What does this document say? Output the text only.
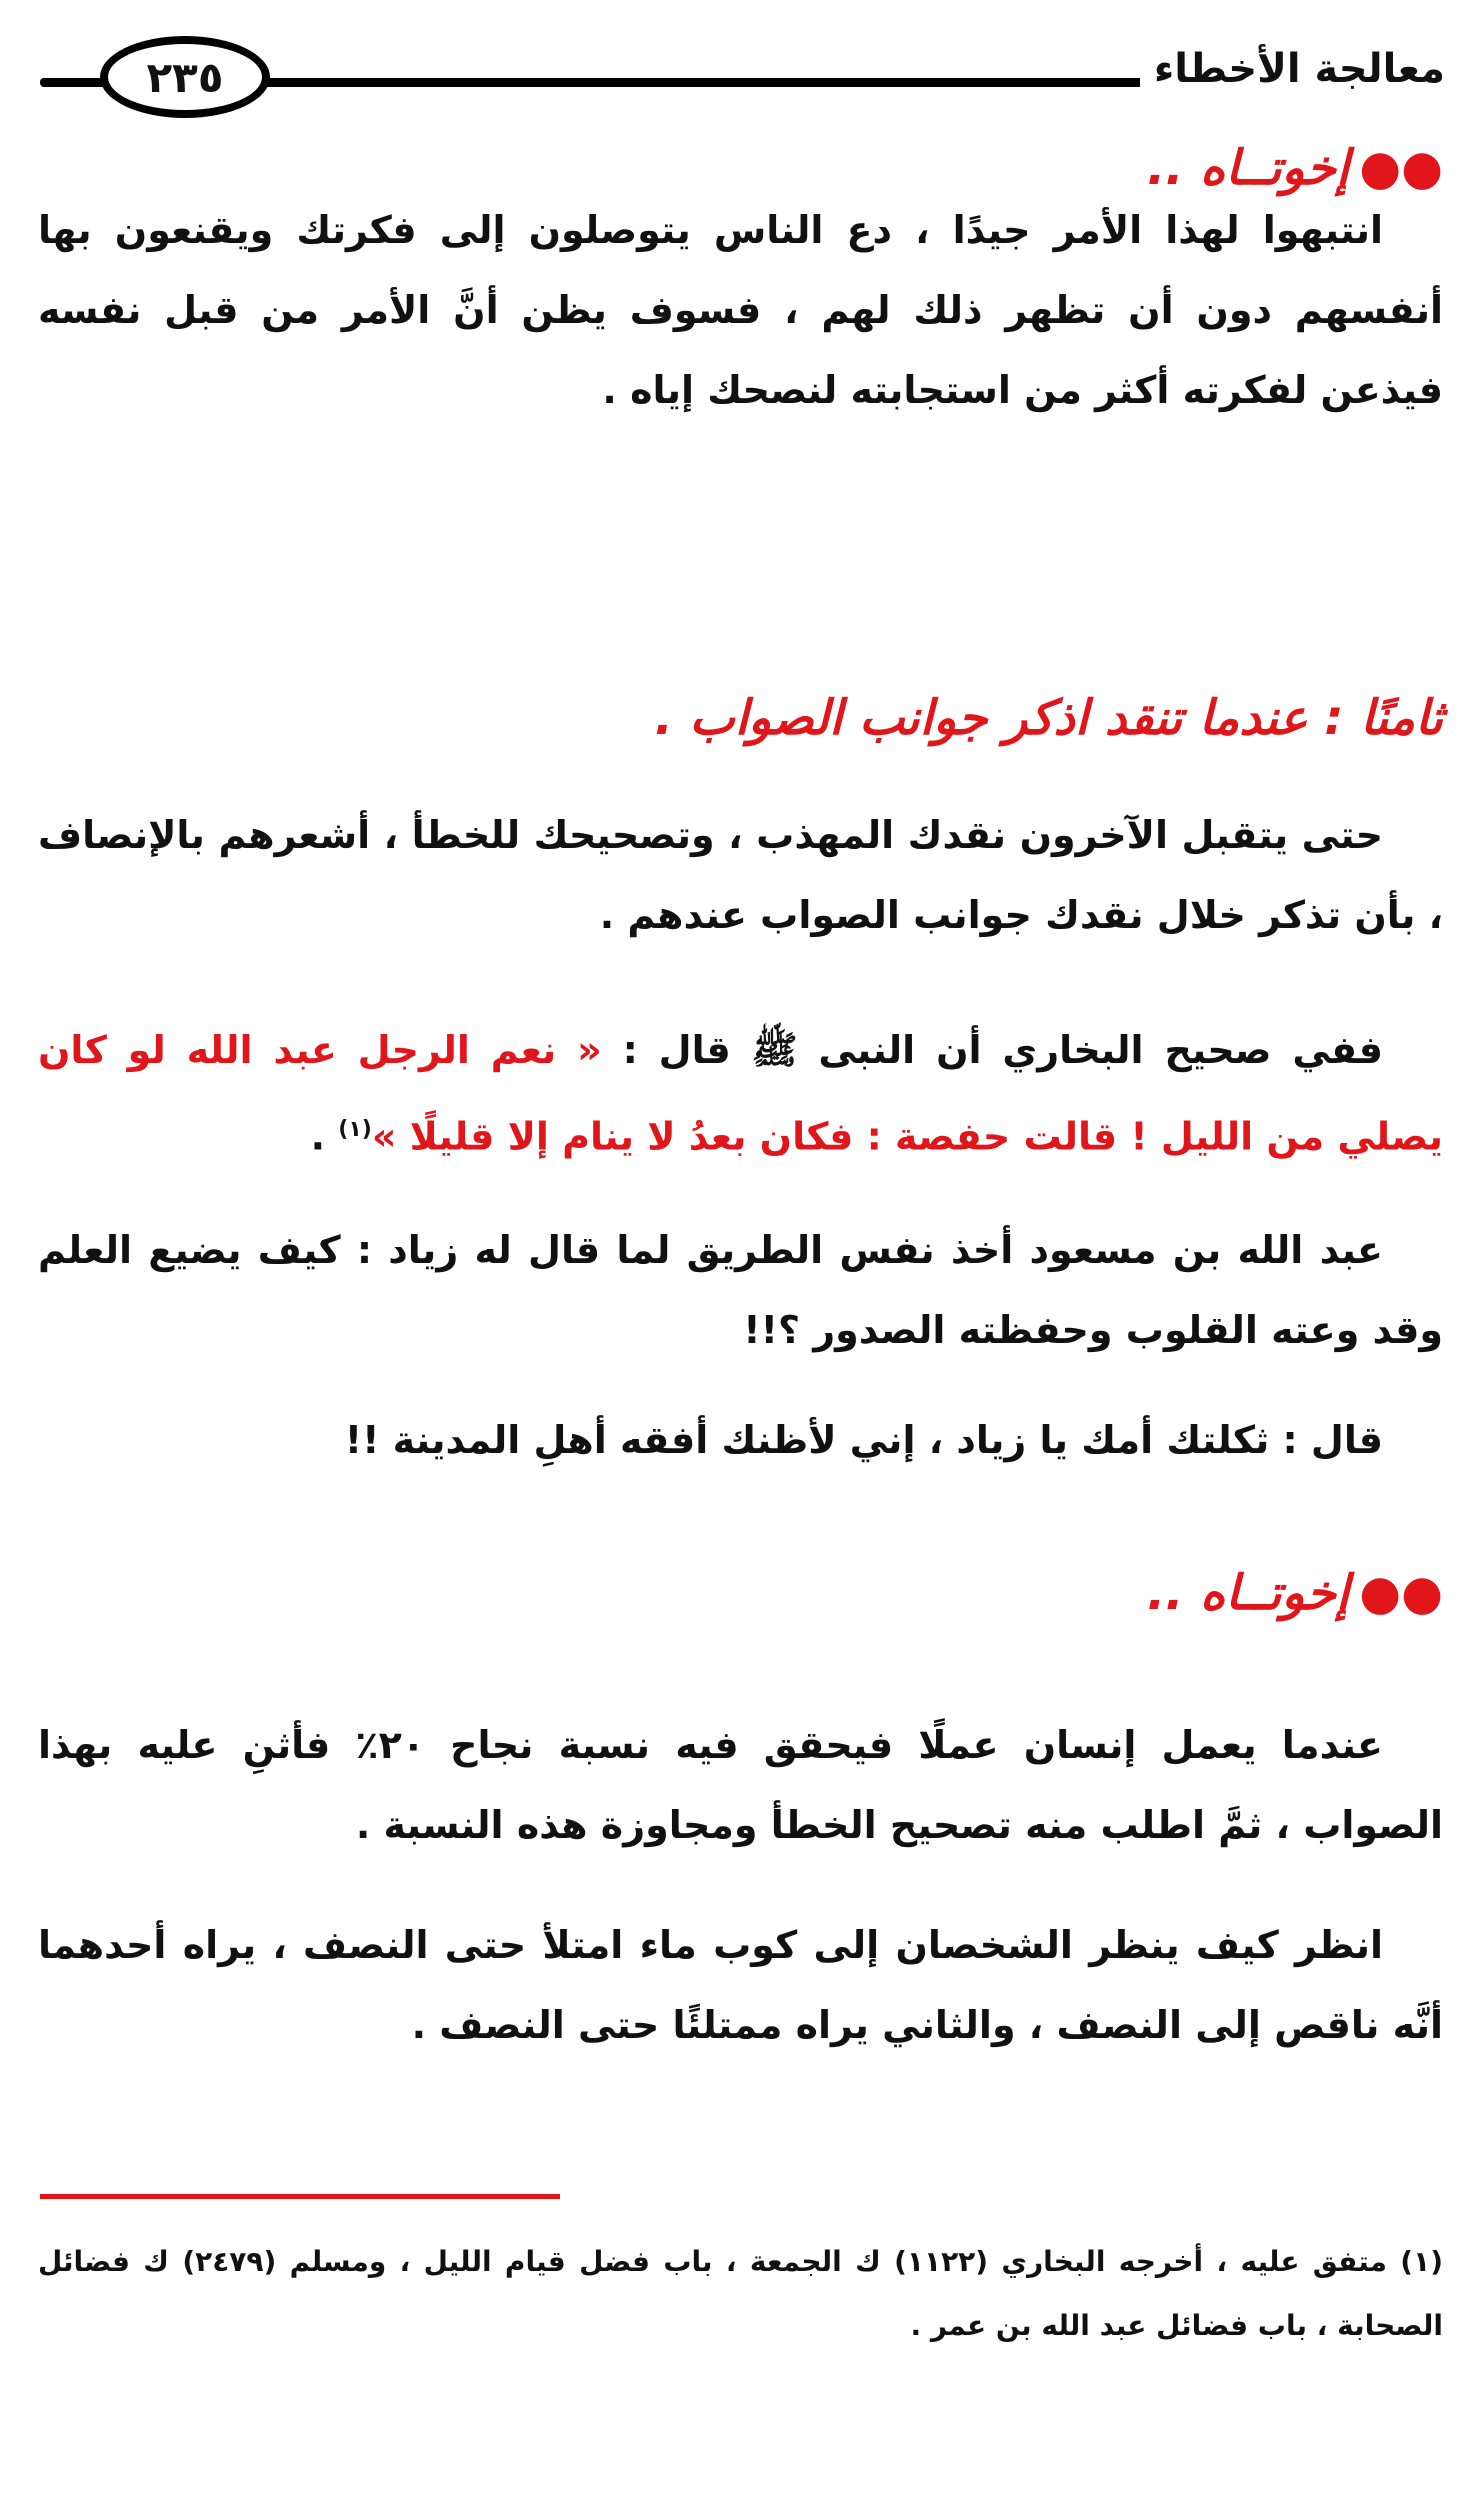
معالجة الأخطاء
٢٣٥
●●إخوتــاه ..
انتبهوا لهذا الأمر جيدًا ، دع الناس يتوصلون إلى فكرتك ويقنعون بها أنفسهم دون أن تظهر ذلك لهم ، فسوف يظن أنَّ الأمر من قبل نفسه فيذعن لفكرته أكثر من استجابته لنصحك إياه .
ثامنًا : عندما تنقد اذكر جوانب الصواب .
حتى يتقبل الآخرون نقدك المهذب ، وتصحيحك للخطأ ، أشعرهم بالإنصاف ، بأن تذكر خلال نقدك جوانب الصواب عندهم .
ففي صحيح البخاري أن النبى ﷺ قال : « نعم الرجل عبد الله لو كان يصلي من الليل ! قالت حفصة : فكان بعدُ لا ينام إلا قليلًا »$^{(١)}$ .
عبد الله بن مسعود أخذ نفس الطريق لما قال له زياد : كيف يضيع العلم وقد وعته القلوب وحفظته الصدور ؟!!
قال : ثكلتك أمك يا زياد ، إني لأظنك أفقه أهلِ المدينة !!
●●إخوتــاه ..
عندما يعمل إنسان عملًا فيحقق فيه نسبة نجاح ٢٠٪ فأثنِ عليه بهذا الصواب ، ثمَّ اطلب منه تصحيح الخطأ ومجاوزة هذه النسبة .
انظر كيف ينظر الشخصان إلى كوب ماء امتلأ حتى النصف ، يراه أحدهما أنَّه ناقص إلى النصف ، والثاني يراه ممتلئًا حتى النصف .
(١) متفق عليه ، أخرجه البخاري (١١٢٢) ك الجمعة ، باب فضل قيام الليل ، ومسلم (٢٤٧٩) ك فضائل الصحابة ، باب فضائل عبد الله بن عمر .
